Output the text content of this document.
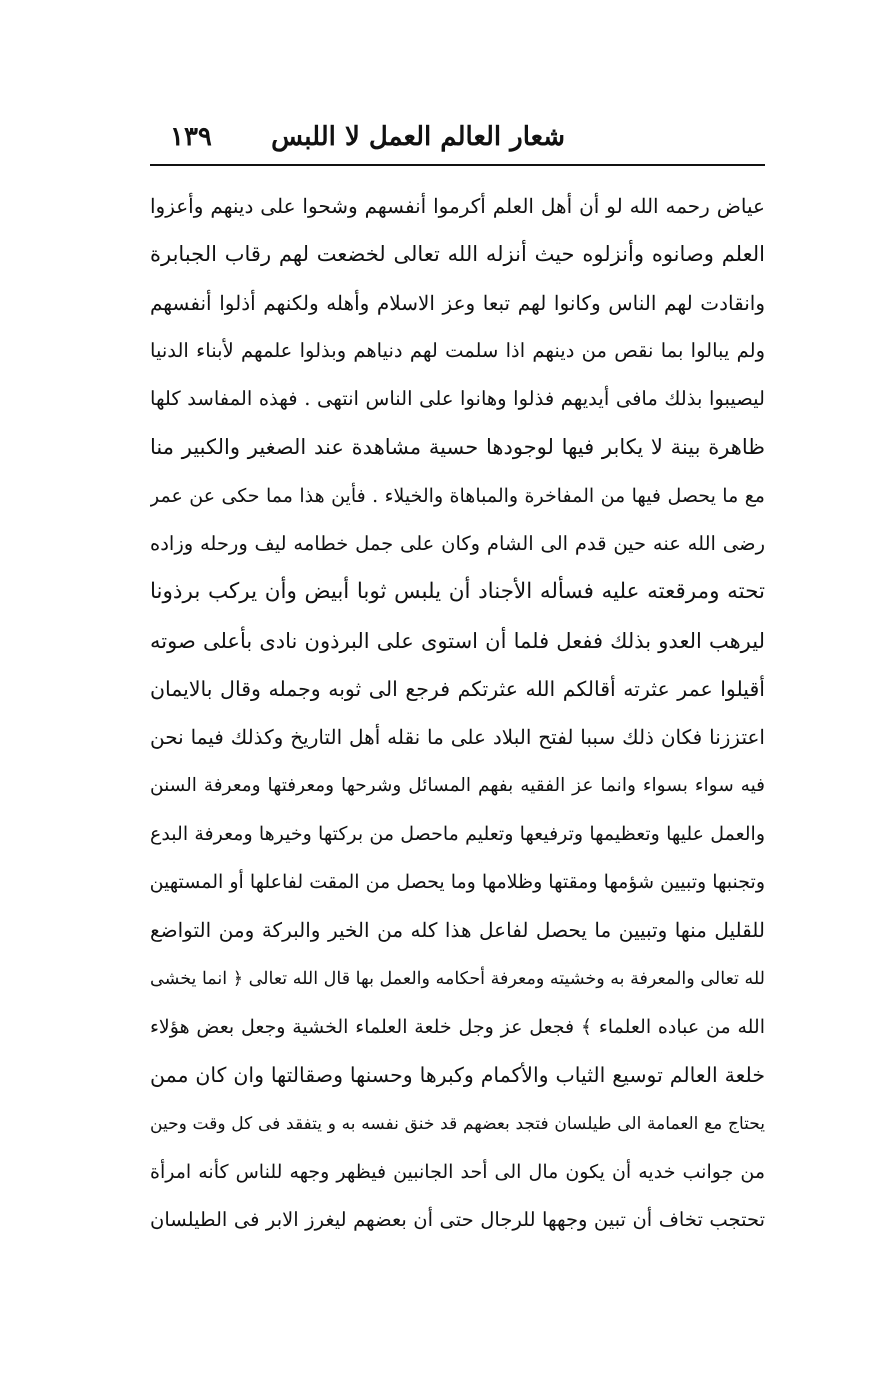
شعار العالم العمل لا اللبس
١٣٩
عياض رحمه الله لو أن أهل العلم أكرموا أنفسهم وشحوا على دينهم وأعزوا
العلم وصانوه وأنزلوه حيث أنزله الله تعالى لخضعت لهم رقاب الجبابرة
وانقادت لهم الناس وكانوا لهم تبعا وعز الاسلام وأهله ولكنهم أذلوا أنفسهم
ولم يبالوا بما نقص من دينهم اذا سلمت لهم دنياهم وبذلوا علمهم لأبناء الدنيا
ليصيبوا بذلك مافى أيديهم فذلوا وهانوا على الناس انتهى . فهذه المفاسد كلها
ظاهرة بينة لا يكابر فيها لوجودها حسية مشاهدة عند الصغير والكبير منا
مع ما يحصل فيها من المفاخرة والمباهاة والخيلاء . فأين هذا مما حكى عن عمر
رضى الله عنه حين قدم الى الشام وكان على جمل خطامه ليف ورحله وزاده
تحته ومرقعته عليه فسأله الأجناد أن يلبس ثوبا أبيض وأن يركب برذونا
ليرهب العدو بذلك ففعل فلما أن استوى على البرذون نادى بأعلى صوته
أقيلوا عمر عثرته أقالكم الله عثرتكم فرجع الى ثوبه وجمله وقال بالايمان
اعتززنا فكان ذلك سببا لفتح البلاد على ما نقله أهل التاريخ وكذلك فيما نحن
فيه سواء بسواء وانما عز الفقيه بفهم المسائل وشرحها ومعرفتها ومعرفة السنن
والعمل عليها وتعظيمها وترفيعها وتعليم ماحصل من بركتها وخيرها ومعرفة البدع
وتجنبها وتبيين شؤمها ومقتها وظلامها وما يحصل من المقت لفاعلها أو المستهين
للقليل منها وتبيين ما يحصل لفاعل هذا كله من الخير والبركة ومن التواضع
لله تعالى والمعرفة به وخشيته ومعرفة أحكامه والعمل بها قال الله تعالى ﴿ انما يخشى
الله من عباده العلماء ﴾ فجعل عز وجل خلعة العلماء الخشية وجعل بعض هؤلاء
خلعة العالم توسيع الثياب والأكمام وكبرها وحسنها وصقالتها وان كان ممن
يحتاج مع العمامة الى طيلسان فتجد بعضهم قد خنق نفسه به و يتفقد فى كل وقت وحين
من جوانب خديه أن يكون مال الى أحد الجانبين فيظهر وجهه للناس كأنه امرأة
تحتجب تخاف أن تبين وجهها للرجال حتى أن بعضهم ليغرز الابر فى الطيلسان
